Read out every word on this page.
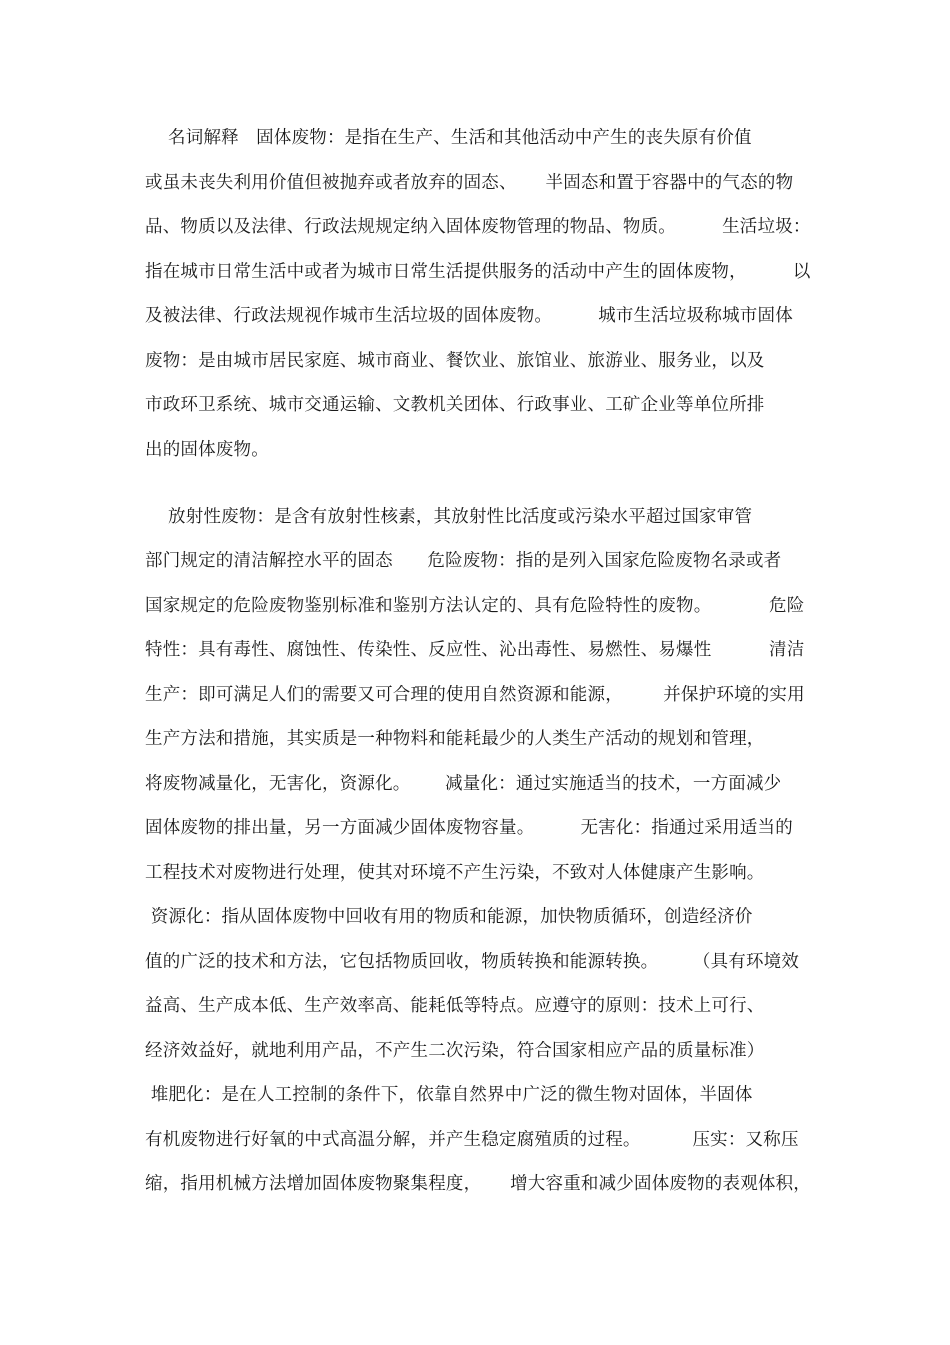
名词解释   固体废物：是指在生产、生活和其他活动中产生的丧失原有价值
或虽未丧失利用价值但被抛弃或者放弃的固态、     半固态和置于容器中的气态的物
品、物质以及法律、行政法规规定纳入固体废物管理的物品、物质。        生活垃圾：
指在城市日常生活中或者为城市日常生活提供服务的活动中产生的固体废物，        以
及被法律、行政法规视作城市生活垃圾的固体废物。        城市生活垃圾称城市固体
废物：是由城市居民家庭、城市商业、餐饮业、旅馆业、旅游业、服务业，以及
市政环卫系统、城市交通运输、文教机关团体、行政事业、工矿企业等单位所排
出的固体废物。
放射性废物：是含有放射性核素，其放射性比活度或污染水平超过国家审管
部门规定的清洁解控水平的固态      危险废物：指的是列入国家危险废物名录或者
国家规定的危险废物鉴别标准和鉴别方法认定的、具有危险特性的废物。          危险
特性：具有毒性、腐蚀性、传染性、反应性、沁出毒性、易燃性、易爆性          清洁
生产：即可满足人们的需要又可合理的使用自然资源和能源，       并保护环境的实用
生产方法和措施，其实质是一种物料和能耗最少的人类生产活动的规划和管理，
将废物减量化，无害化，资源化。      减量化：通过实施适当的技术，一方面减少
固体废物的排出量，另一方面减少固体废物容量。        无害化：指通过采用适当的
工程技术对废物进行处理，使其对环境不产生污染，不致对人体健康产生影响。
资源化：指从固体废物中回收有用的物质和能源，加快物质循环，创造经济价
值的广泛的技术和方法，它包括物质回收，物质转换和能源转换。      （具有环境效
益高、生产成本低、生产效率高、能耗低等特点。应遵守的原则：技术上可行、
经济效益好，就地利用产品，不产生二次污染，符合国家相应产品的质量标准）
堆肥化：是在人工控制的条件下，依靠自然界中广泛的微生物对固体，半固体
有机废物进行好氧的中式高温分解，并产生稳定腐殖质的过程。         压实：又称压
缩，指用机械方法增加固体废物聚集程度，     增大容重和减少固体废物的表观体积，
